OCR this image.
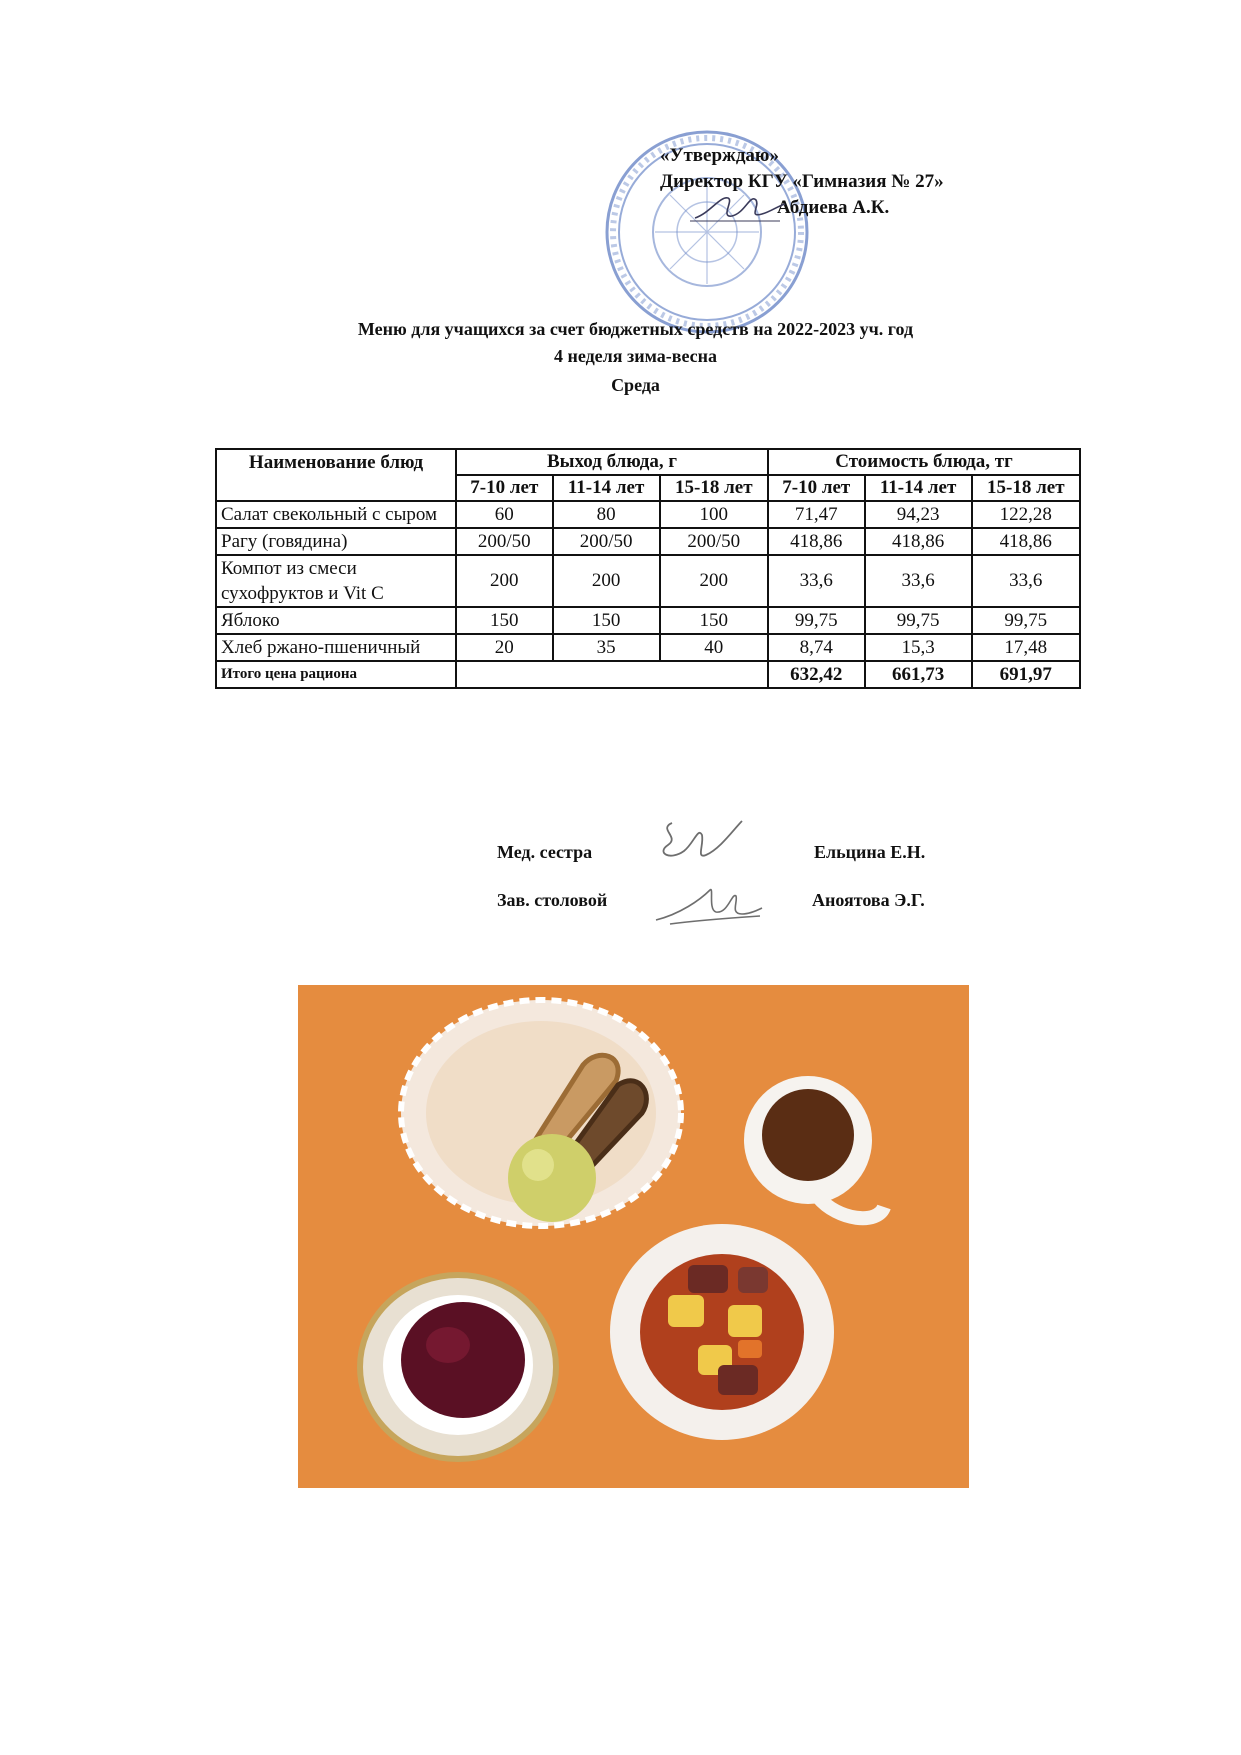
«Утверждаю»
Директор КГУ «Гимназия № 27»
Абдиева А.К.
Меню для учащихся за счет бюджетных средств на 2022-2023 уч. год
4 неделя зима-весна
Среда
Наименование блюд	Выход блюда, г			Стоимость блюда, тг		
	7-10 лет	11-14 лет	15-18 лет	7-10 лет	11-14 лет	15-18 лет
Салат свекольный с сыром	60	80	100	71,47	94,23	122,28
Рагу (говядина)	200/50	200/50	200/50	418,86	418,86	418,86
Компот из смеси сухофруктов и Vit C	200	200	200	33,6	33,6	33,6
Яблоко	150	150	150	99,75	99,75	99,75
Хлеб ржано-пшеничный	20	35	40	8,74	15,3	17,48
Итого цена рациона				632,42	661,73	691,97
Мед. сестра	Ельцина Е.Н.
Зав. столовой	Аноятова Э.Г.
